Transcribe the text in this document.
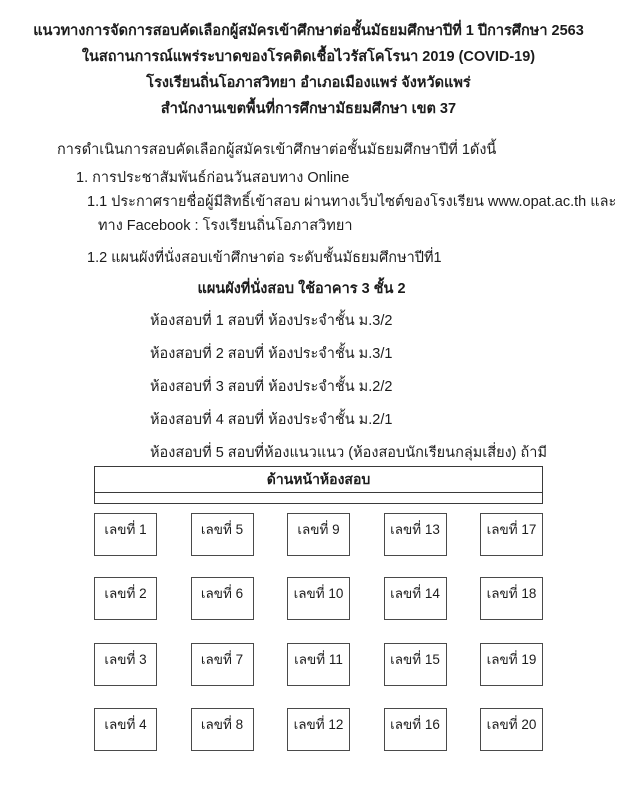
แนวทางการจัดการสอบคัดเลือกผู้สมัครเข้าศึกษาต่อชั้นมัธยมศึกษาปีที่ 1 ปีการศึกษา 2563
ในสถานการณ์แพร่ระบาดของโรคติดเชื้อไวรัสโคโรนา 2019 (COVID-19)
โรงเรียนถิ่นโอภาสวิทยา อำเภอเมืองแพร่ จังหวัดแพร่
สำนักงานเขตพื้นที่การศึกษามัธยมศึกษา เขต 37
การดำเนินการสอบคัดเลือกผู้สมัครเข้าศึกษาต่อชั้นมัธยมศึกษาปีที่ 1ดังนี้
1. การประชาสัมพันธ์ก่อนวันสอบทาง Online
1.1 ประกาศรายชื่อผู้มีสิทธิ์เข้าสอบ ผ่านทางเว็บไซต์ของโรงเรียน www.opat.ac.th และ
ทาง Facebook : โรงเรียนถิ่นโอภาสวิทยา
1.2 แผนผังที่นั่งสอบเข้าศึกษาต่อ ระดับชั้นมัธยมศึกษาปีที่1
แผนผังที่นั่งสอบ ใช้อาคาร 3 ชั้น 2
ห้องสอบที่ 1 สอบที่ ห้องประจำชั้น ม.3/2
ห้องสอบที่ 2 สอบที่ ห้องประจำชั้น ม.3/1
ห้องสอบที่ 3 สอบที่ ห้องประจำชั้น ม.2/2
ห้องสอบที่ 4 สอบที่ ห้องประจำชั้น ม.2/1
ห้องสอบที่ 5 สอบที่ห้องแนวแนว (ห้องสอบนักเรียนกลุ่มเสี่ยง) ถ้ามี
ด้านหน้าห้องสอบ
เลขที่ 1	เลขที่ 5	เลขที่ 9	เลขที่ 13	เลขที่ 17
เลขที่ 2	เลขที่ 6	เลขที่ 10	เลขที่ 14	เลขที่ 18
เลขที่ 3	เลขที่ 7	เลขที่ 11	เลขที่ 15	เลขที่ 19
เลขที่ 4	เลขที่ 8	เลขที่ 12	เลขที่ 16	เลขที่ 20
